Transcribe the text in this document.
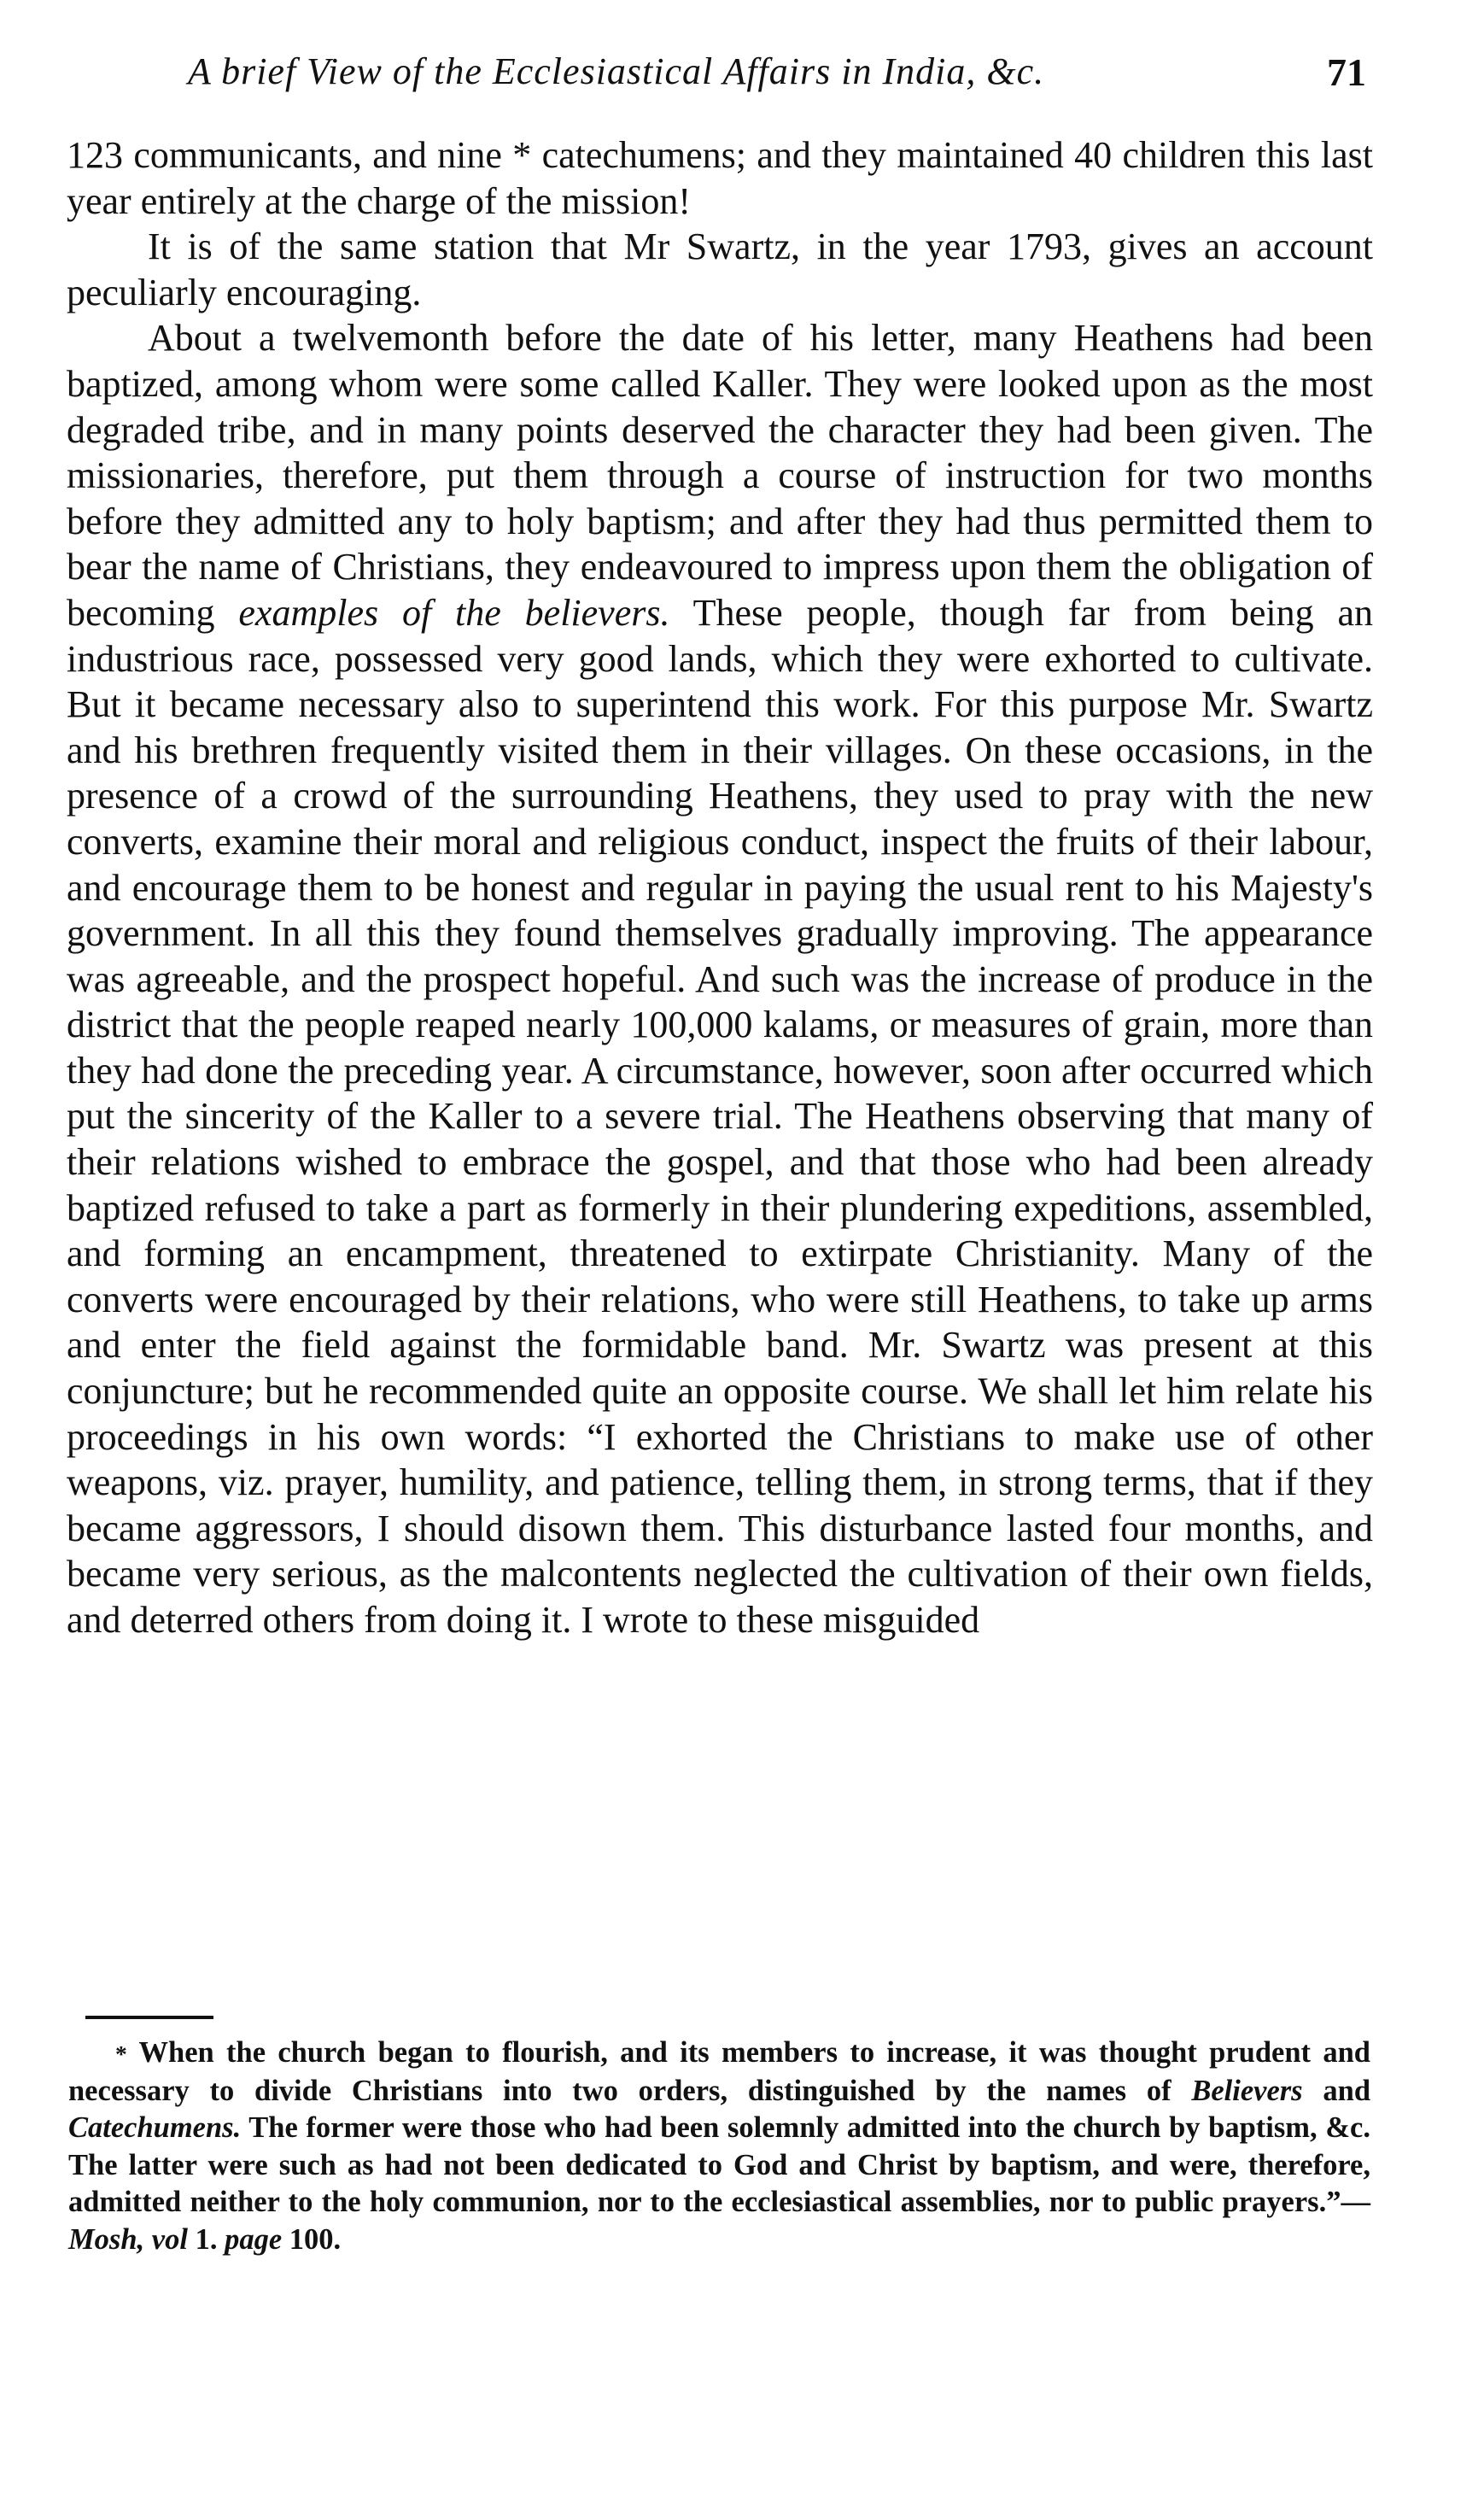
A brief View of the Ecclesiastical Affairs in India, &c.	71

123 communicants, and nine * catechumens; and they maintained 40 children this last year entirely at the charge of the mission!

It is of the same station that Mr Swartz, in the year 1793, gives an account peculiarly encouraging.

About a twelvemonth before the date of his letter, many Heathens had been baptized, among whom were some called Kaller. They were looked upon as the most degraded tribe, and in many points deserved the character they had been given. The missionaries, therefore, put them through a course of instruction for two months before they admitted any to holy baptism; and after they had thus permitted them to bear the name of Christians, they endeavoured to impress upon them the obligation of becoming examples of the believers. These people, though far from being an industrious race, possessed very good lands, which they were exhorted to cultivate. But it became necessary also to superintend this work. For this purpose Mr. Swartz and his brethren frequently visited them in their villages. On these occasions, in the presence of a crowd of the surrounding Heathens, they used to pray with the new converts, examine their moral and religious conduct, inspect the fruits of their labour, and encourage them to be honest and regular in paying the usual rent to his Majesty's government. In all this they found themselves gradually improving. The appearance was agreeable, and the prospect hopeful. And such was the increase of produce in the district that the people reaped nearly 100,000 kalams, or measures of grain, more than they had done the preceding year. A circumstance, however, soon after occurred which put the sincerity of the Kaller to a severe trial. The Heathens observing that many of their relations wished to embrace the gospel, and that those who had been already baptized refused to take a part as formerly in their plundering expeditions, assembled, and forming an encampment, threatened to extirpate Christianity. Many of the converts were encouraged by their relations, who were still Heathens, to take up arms and enter the field against the formidable band. Mr. Swartz was present at this conjuncture; but he recommended quite an opposite course. We shall let him relate his proceedings in his own words: “I exhorted the Christians to make use of other weapons, viz. prayer, humility, and patience, telling them, in strong terms, that if they became aggressors, I should disown them. This disturbance lasted four months, and became very serious, as the malcontents neglected the cultivation of their own fields, and deterred others from doing it. I wrote to these misguided

* When the church began to flourish, and its members to increase, it was thought prudent and necessary to divide Christians into two orders, distinguished by the names of Believers and Catechumens. The former were those who had been solemnly admitted into the church by baptism, &c. The latter were such as had not been dedicated to God and Christ by baptism, and were, therefore, admitted neither to the holy communion, nor to the ecclesiastical assemblies, nor to public prayers.”— Mosh, vol 1. page 100.
